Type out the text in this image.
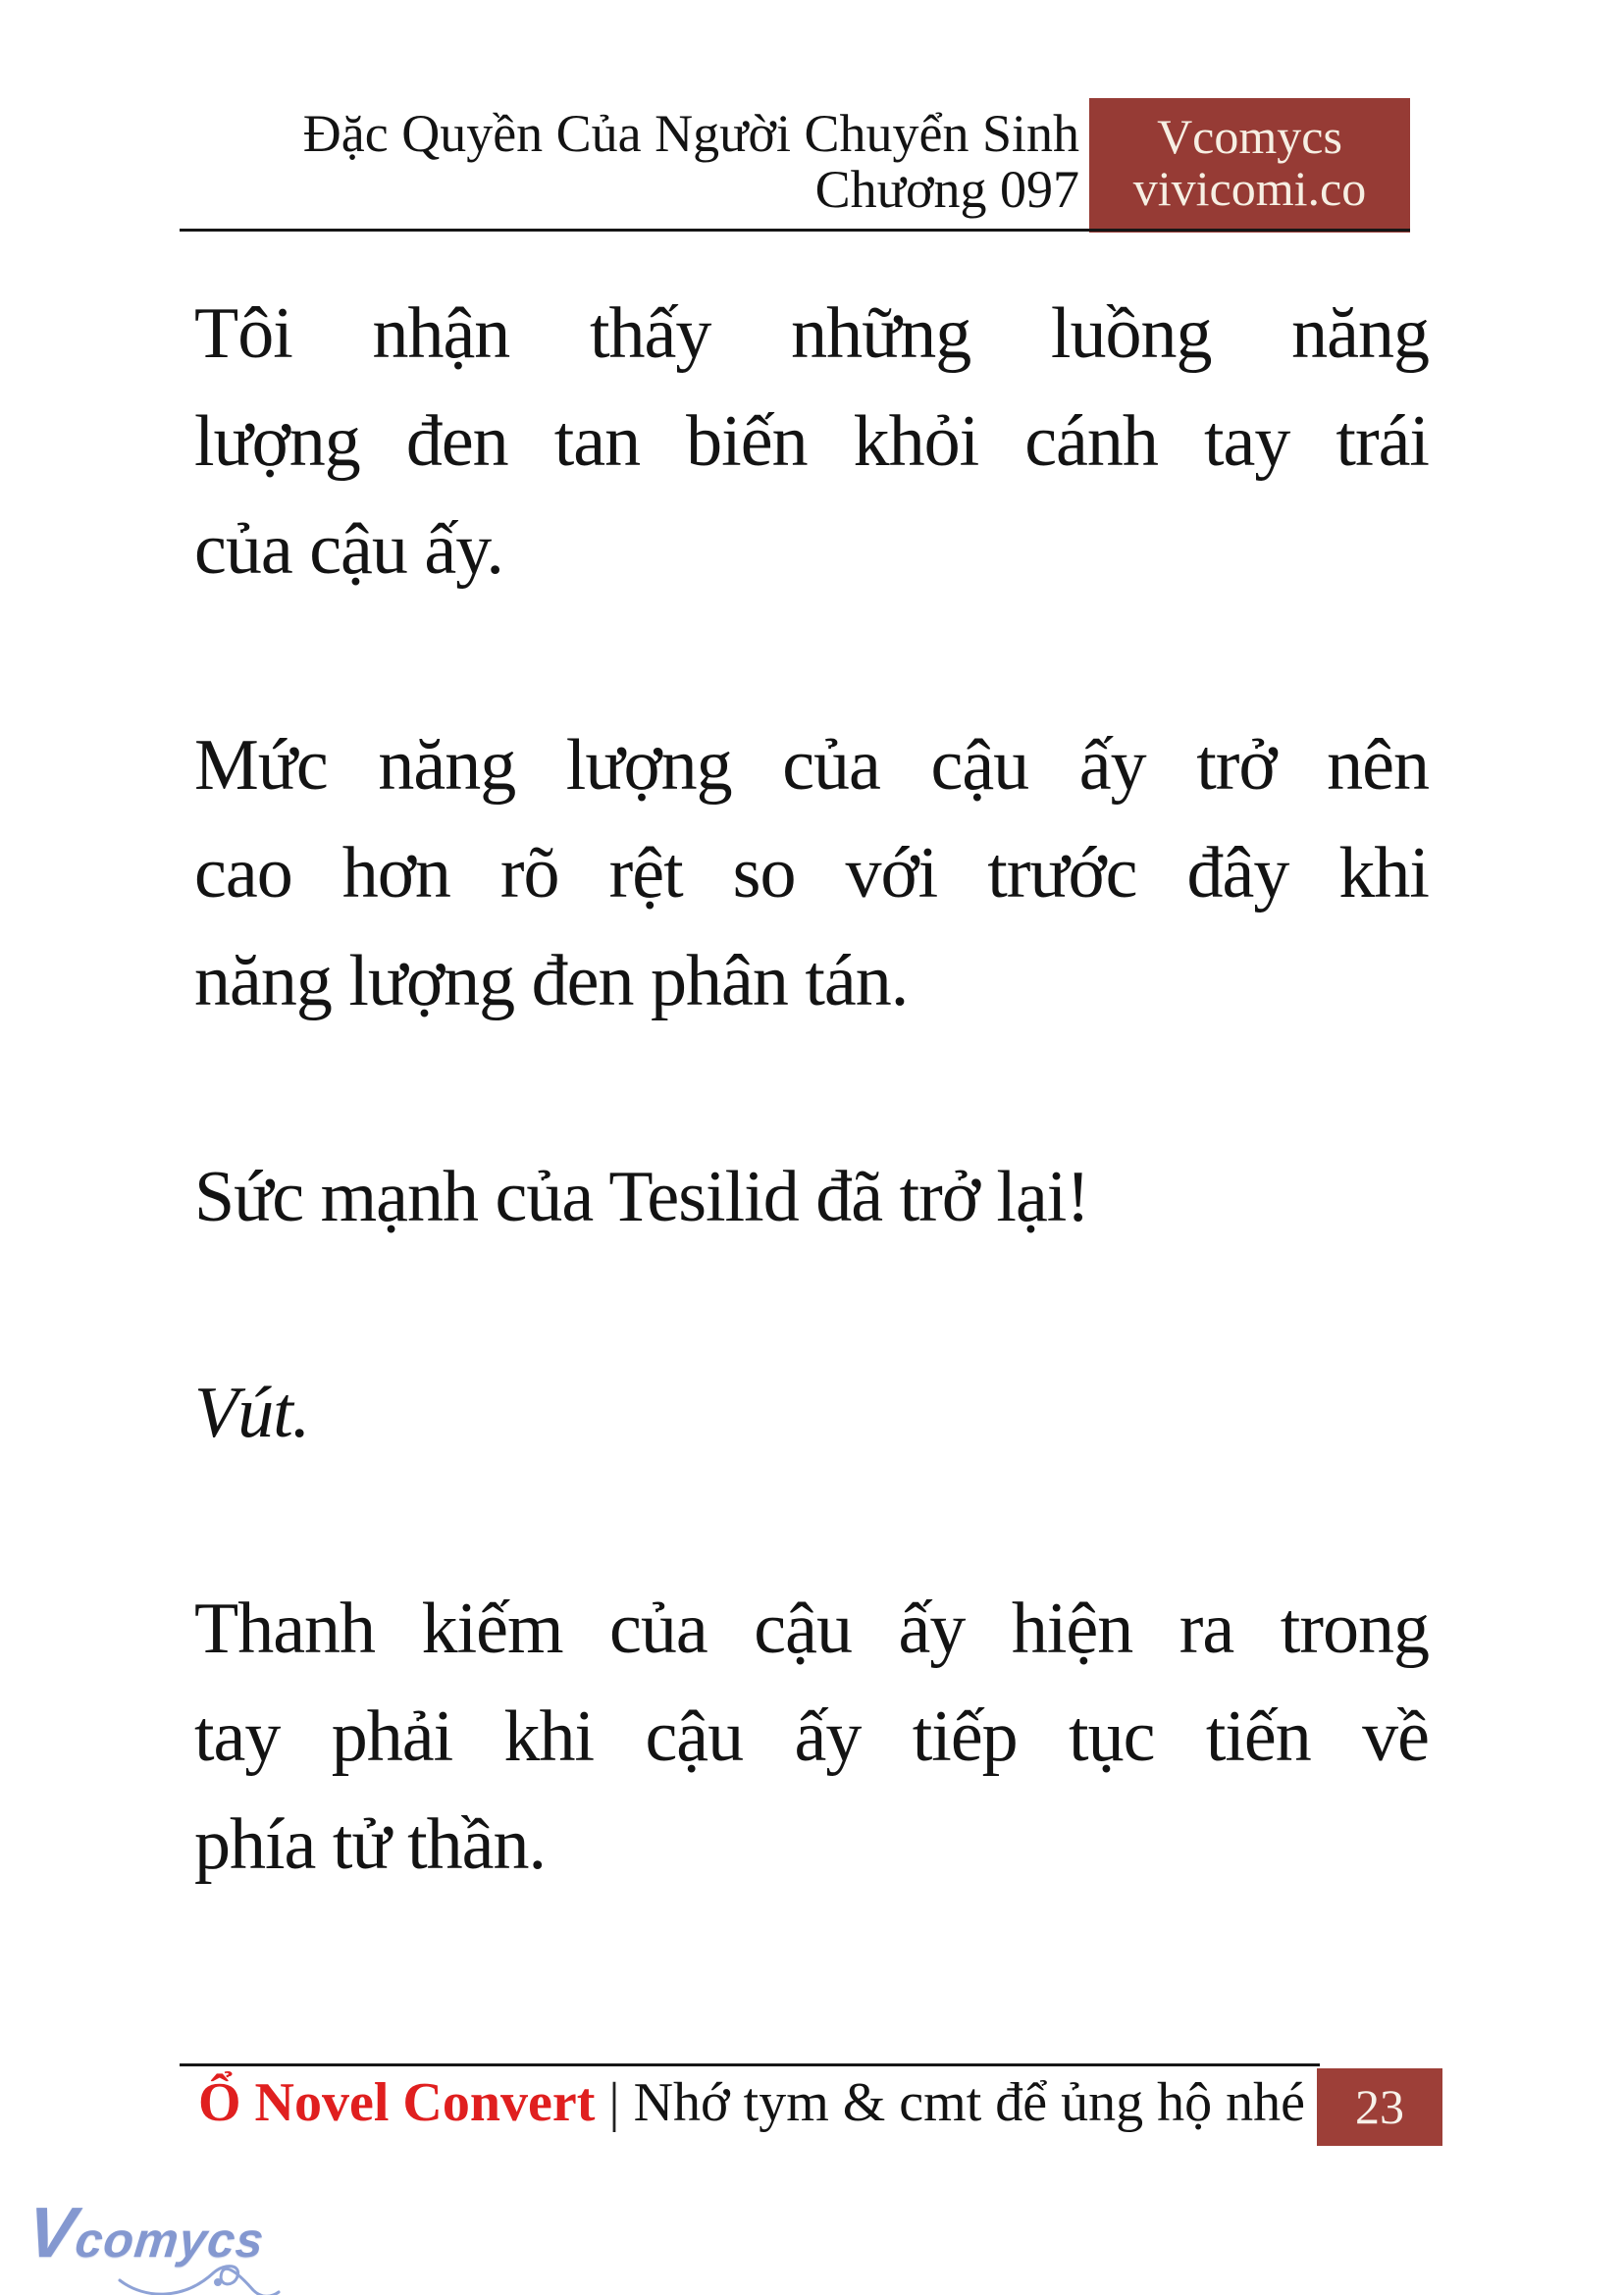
Đặc Quyền Của Người Chuyển Sinh
Chương 097
Vcomycs
vivicomi.co
Tôi nhận thấy những luồng năng
lượng đen tan biến khỏi cánh tay trái
của cậu ấy.
Mức năng lượng của cậu ấy trở nên
cao hơn rõ rệt so với trước đây khi
năng lượng đen phân tán.
Sức mạnh của Tesilid đã trở lại!
Vút.
Thanh kiếm của cậu ấy hiện ra trong
tay phải khi cậu ấy tiếp tục tiến về
phía tử thần.
Ổ Novel Convert | Nhớ tym & cmt để ủng hộ nhé	23
Vcomycs
